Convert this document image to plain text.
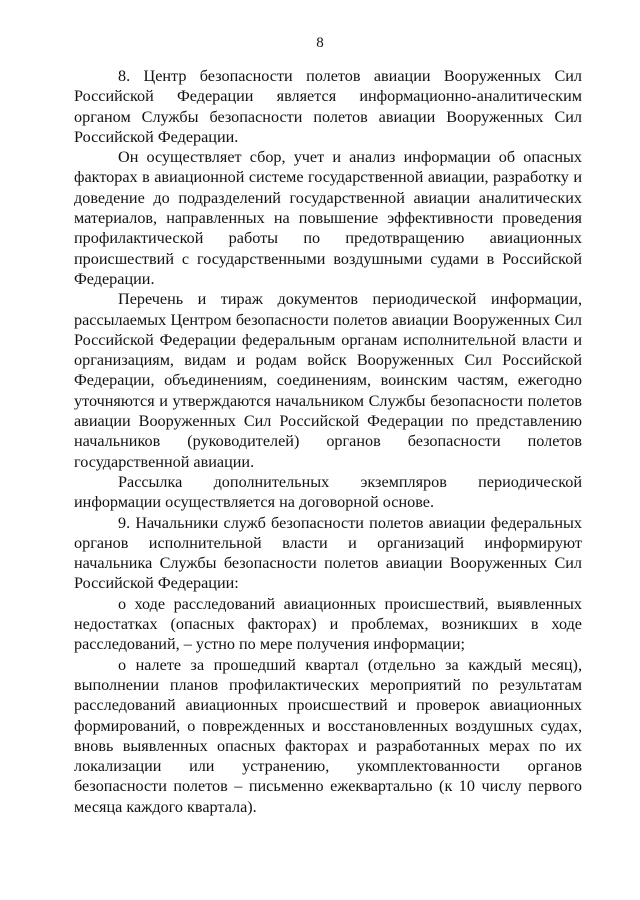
8

8. Центр безопасности полетов авиации Вооруженных Сил Российской Федерации является информационно-аналитическим органом Службы безопасности полетов авиации Вооруженных Сил Российской Федерации.

Он осуществляет сбор, учет и анализ информации об опасных факторах в авиационной системе государственной авиации, разработку и доведение до подразделений государственной авиации аналитических материалов, направленных на повышение эффективности проведения профилактической работы по предотвращению авиационных происшествий с государственными воздушными судами в Российской Федерации.

Перечень и тираж документов периодической информации, рассылаемых Центром безопасности полетов авиации Вооруженных Сил Российской Федерации федеральным органам исполнительной власти и организациям, видам и родам войск Вооруженных Сил Российской Федерации, объединениям, соединениям, воинским частям, ежегодно уточняются и утверждаются начальником Службы безопасности полетов авиации Вооруженных Сил Российской Федерации по представлению начальников (руководителей) органов безопасности полетов государственной авиации.

Рассылка дополнительных экземпляров периодической информации осуществляется на договорной основе.

9. Начальники служб безопасности полетов авиации федеральных органов исполнительной власти и организаций информируют начальника Службы безопасности полетов авиации Вооруженных Сил Российской Федерации:

о ходе расследований авиационных происшествий, выявленных недостатках (опасных факторах) и проблемах, возникших в ходе расследований, – устно по мере получения информации;

о налете за прошедший квартал (отдельно за каждый месяц), выполнении планов профилактических мероприятий по результатам расследований авиационных происшествий и проверок авиационных формирований, о поврежденных и восстановленных воздушных судах, вновь выявленных опасных факторах и разработанных мерах по их локализации или устранению, укомплектованности органов безопасности полетов – письменно ежеквартально (к 10 числу первого месяца каждого квартала).
